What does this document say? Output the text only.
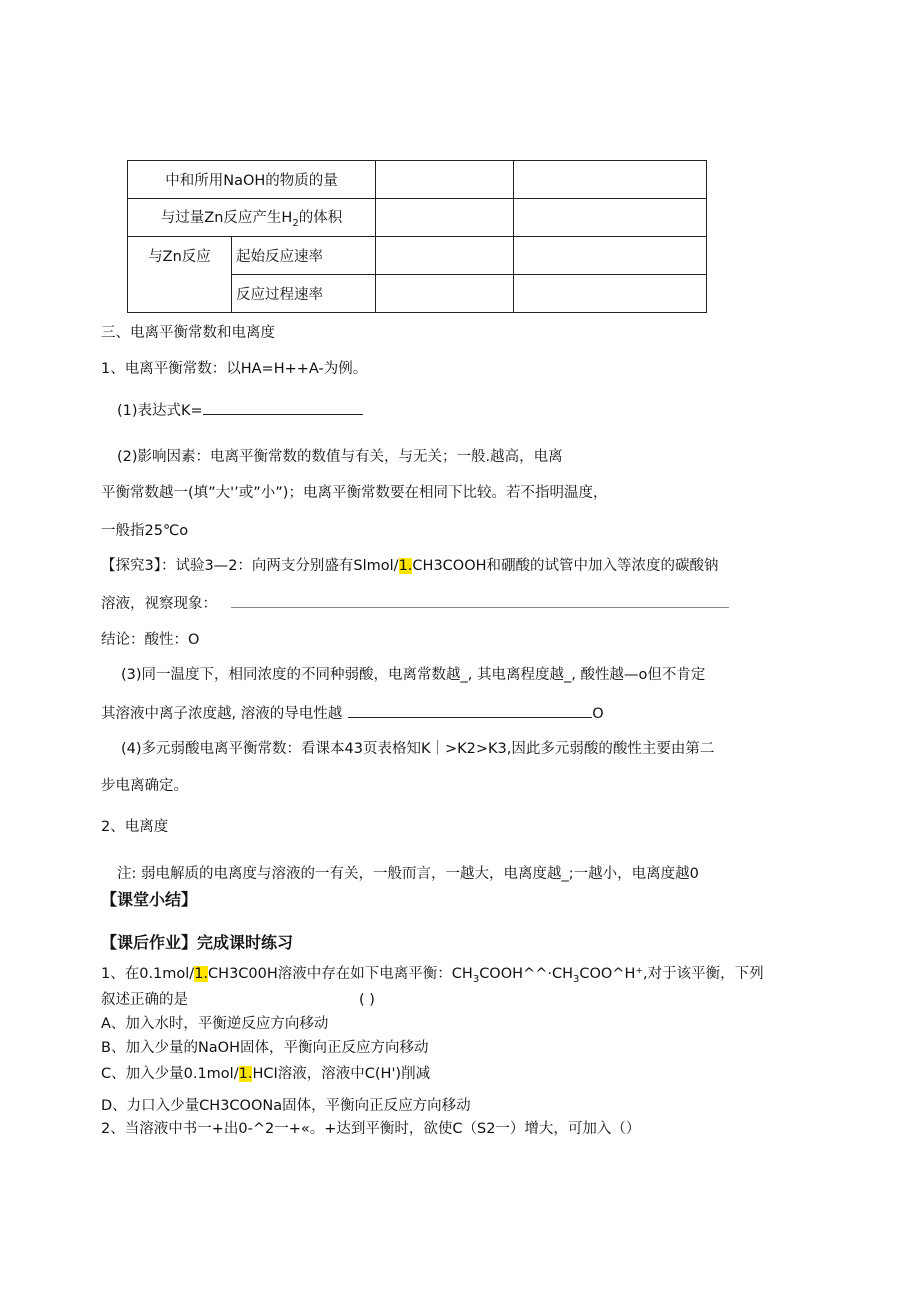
中和所用NaOH的物质的量			
与过量Zn反应产生$H_2$的体积			
与Zn反应	起始反应速率		
	反应过程速率		
三、电离平衡常数和电离度
1、电离平衡常数：以HA=H++A-为例。
(1)表达式K=
(2)影响因素：电离平衡常数的数值与有关，与无关；一般.越高，电离
平衡常数越一(填”大'’或”小”)；电离平衡常数要在相同下比较。若不指明温度，
一般指25℃o
【探究3】：试验3—2：向两支分别盛有Slmol/1.CH3COOH和硼酸的试管中加入等浓度的碳酸钠
溶液，视察现象：
结论：酸性：O
(3)同一温度下，相同浓度的不同种弱酸，电离常数越_, 其电离程度越_, 酸性越—o但不肯定
其溶液中离子浓度越, 溶液的导电性越	O
(4)多元弱酸电离平衡常数：看课本43页表格知K｜>K2>K3,因此多元弱酸的酸性主要由第二
步电离确定。
2、电离度
注: 弱电解质的电离度与溶液的一有关，一般而言，一越大，电离度越_;一越小，电离度越0
【课堂小结】
【课后作业】完成课时练习
1、在0.1mol/1.CH3C00H溶液中存在如下电离平衡：$CH_3COOH\^{}\^{}\cdot CH_3COO\^{}H^+$,对于该平衡，下列
叙述正确的是	( )
A、加入水时，平衡逆反应方向移动
B、加入少量的NaOH固体，平衡向正反应方向移动
C、加入少量0.1mol/1.HCI溶液，溶液中C(H')削减
D、力口入少量CH3COONa固体，平衡向正反应方向移动
2、当溶液中书一+出0-^2一+«。+达到平衡时，欲使C（S2一）增大，可加入（）
